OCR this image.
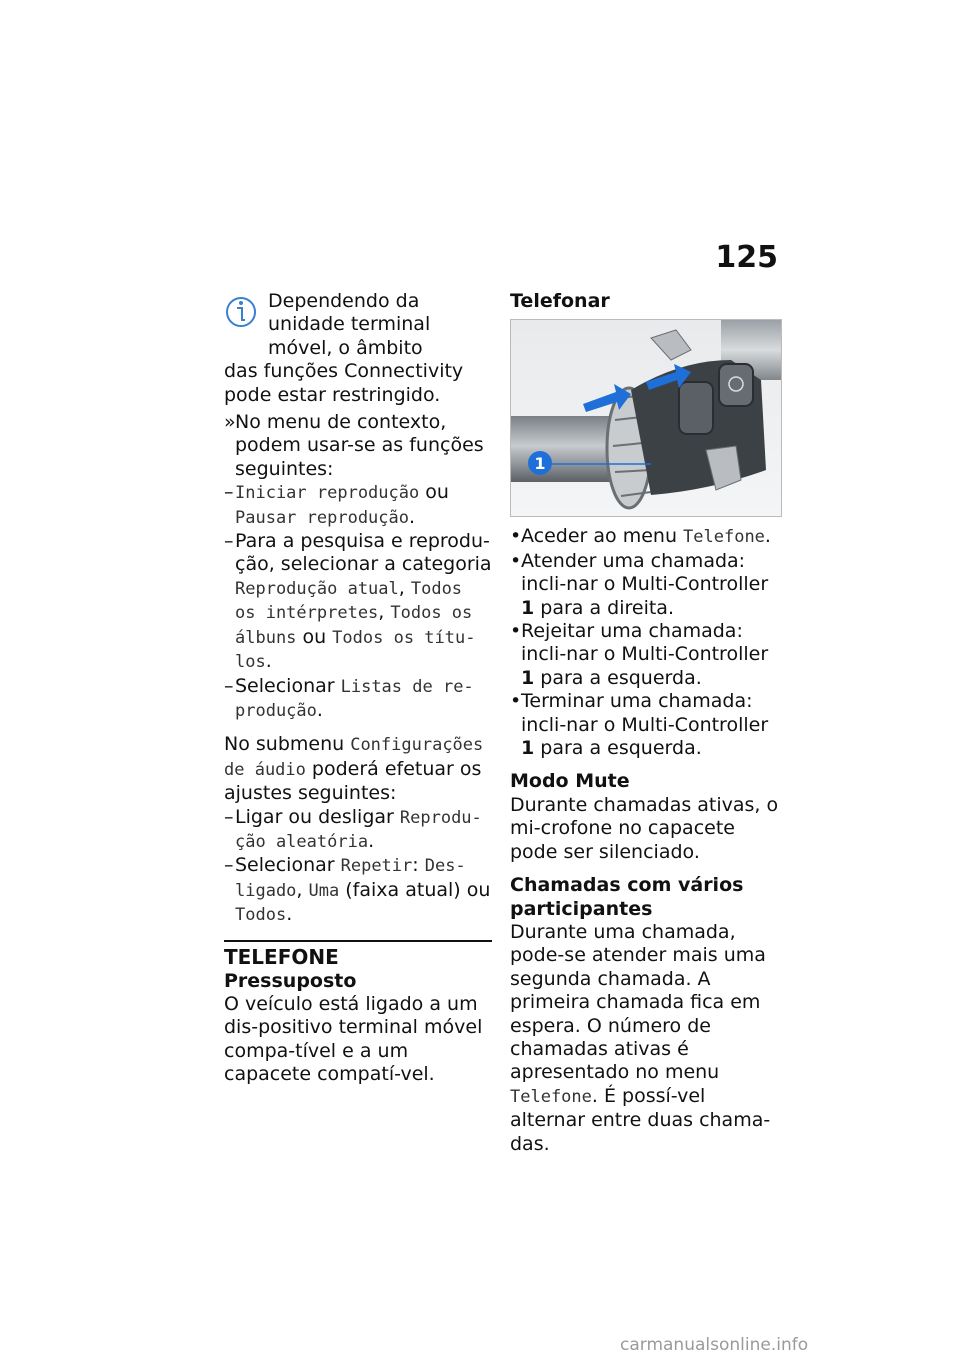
125

Dependendo da unidade terminal móvel, o âmbito

das funções Connectivity pode estar restringido.

» No menu de contexto, podem usar-se as funções seguintes:
– Iniciar reprodução ou Pausar reprodução.
– Para a pesquisa e reprodu-ção, selecionar a categoria Reprodução atual, Todos os intérpretes, Todos os álbuns ou Todos os títu-los.
– Selecionar Listas de re-produção.

No submenu Configurações de áudio poderá efetuar os ajustes seguintes:

– Ligar ou desligar Reprodu-ção aleatória.
– Selecionar Repetir: Des-ligado, Uma (faixa atual) ou Todos.
TELEFONE
Pressuposto

O veículo está ligado a um dis-positivo terminal móvel compa-tível e a um capacete compatí-vel.

Telefonar
1
• Aceder ao menu Telefone.
• Atender uma chamada: incli-nar o Multi-Controller 1 para a direita.
• Rejeitar uma chamada: incli-nar o Multi-Controller 1 para a esquerda.
• Terminar uma chamada: incli-nar o Multi-Controller 1 para a esquerda.
Modo Mute

Durante chamadas ativas, o mi-crofone no capacete pode ser silenciado.

Chamadas com vários participantes

Durante uma chamada, pode-se atender mais uma segunda chamada. A primeira chamada fica em espera. O número de chamadas ativas é apresentado no menu Telefone. É possí-vel alternar entre duas chama-das.

carmanualsonline.info
